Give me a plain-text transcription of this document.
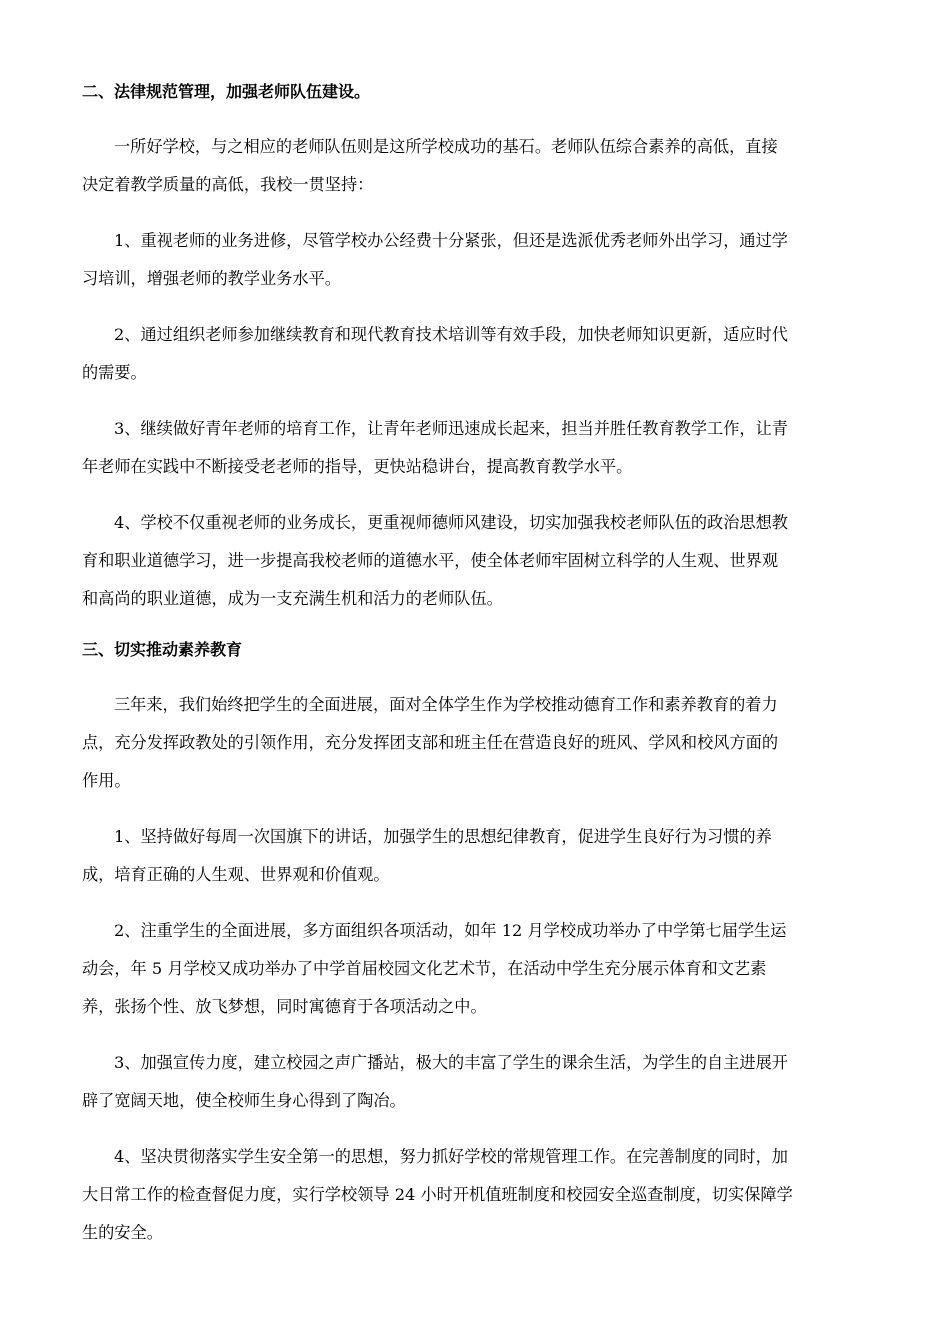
二、法律规范管理，加强老师队伍建设。
一所好学校，与之相应的老师队伍则是这所学校成功的基石。老师队伍综合素养的高低，直接
决定着教学质量的高低，我校一贯坚持：
1、重视老师的业务进修，尽管学校办公经费十分紧张，但还是选派优秀老师外出学习，通过学
习培训，增强老师的教学业务水平。
2、通过组织老师参加继续教育和现代教育技术培训等有效手段，加快老师知识更新，适应时代
的需要。
3、继续做好青年老师的培育工作，让青年老师迅速成长起来，担当并胜任教育教学工作，让青
年老师在实践中不断接受老老师的指导，更快站稳讲台，提高教育教学水平。
4、学校不仅重视老师的业务成长，更重视师德师风建设，切实加强我校老师队伍的政治思想教
育和职业道德学习，进一步提高我校老师的道德水平，使全体老师牢固树立科学的人生观、世界观
和高尚的职业道德，成为一支充满生机和活力的老师队伍。
三、切实推动素养教育
三年来，我们始终把学生的全面进展，面对全体学生作为学校推动德育工作和素养教育的着力
点，充分发挥政教处的引领作用，充分发挥团支部和班主任在营造良好的班风、学风和校风方面的
作用。
1、坚持做好每周一次国旗下的讲话，加强学生的思想纪律教育，促进学生良好行为习惯的养
成，培育正确的人生观、世界观和价值观。
2、注重学生的全面进展，多方面组织各项活动，如年 12 月学校成功举办了中学第七届学生运
动会，年 5 月学校又成功举办了中学首届校园文化艺术节，在活动中学生充分展示体育和文艺素
养，张扬个性、放飞梦想，同时寓德育于各项活动之中。
3、加强宣传力度，建立校园之声广播站，极大的丰富了学生的课余生活，为学生的自主进展开
辟了宽阔天地，使全校师生身心得到了陶冶。
4、坚决贯彻落实学生安全第一的思想，努力抓好学校的常规管理工作。在完善制度的同时，加
大日常工作的检查督促力度，实行学校领导 24 小时开机值班制度和校园安全巡查制度，切实保障学
生的安全。
